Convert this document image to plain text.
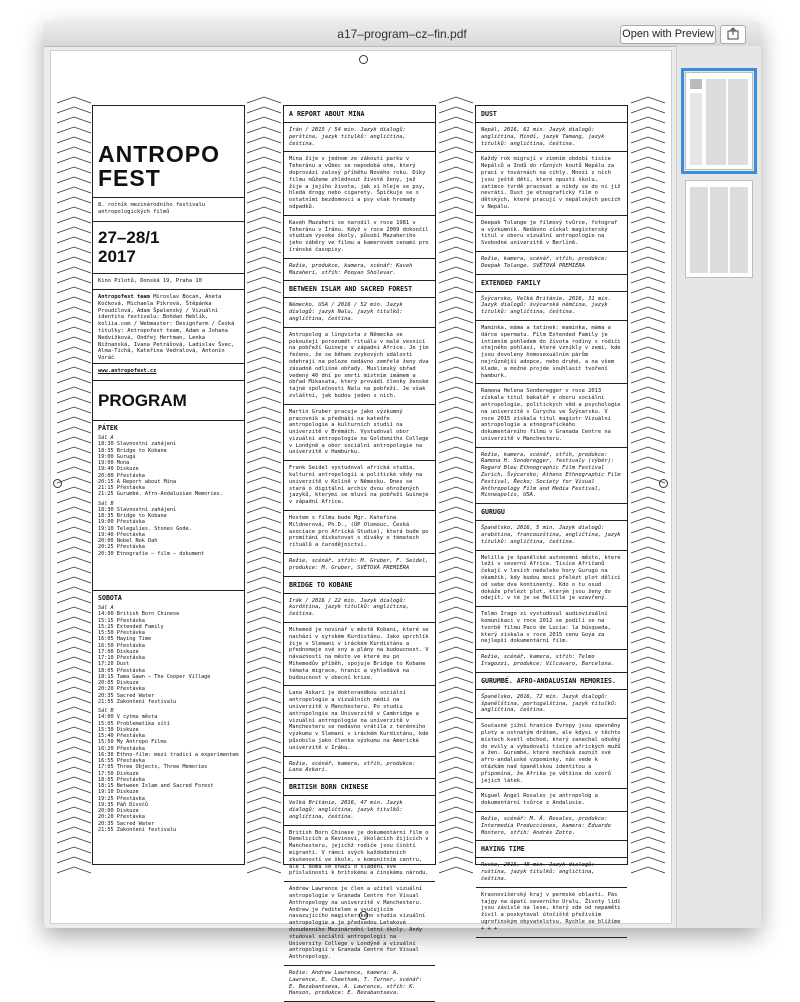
a17–program–cz–fin.pdf	Open with Preview
ANTROPO
FEST
8. ročník mezinárodního festivalu
antropologických filmů
27–28/1
2017
Kino Pilotů, Donská 19, Praha 10
Antropofest team Miroslav Bocan, Aneta Kočková, Michaela Pikrová, Štěpánka Proudilová, Adam Špalenský / Vizuální identita festivalu: Bohdan Heblík, koliia.com / Webmaster: Designfarm / Česká titulky: Antropofest team, Adam a Johana Nedvížková, Ondřej Hertman, Lenka Nižnanská, Ivana Petrášová, Ladislav Švec, Alma-Tichá, Kateřina Vedralová, Antonín Voráč
www.antropofest.cz
PROGRAM
PÁTEK
Sál A
18:30 Slavnostní zahájení
18:35 Bridge to Kobane
19:00 Gurugú
19:00 Mona
19:40 Diskuze
20:00 Přestávka
20:15 A Report about Mina
21:15 Přestávka
21:25 Gurumbé. Afro-Andalusian Memories.
Sál B
18:30 Slavnostní zahájení
18:35 Bridge to Kobane
19:00 Přestávka
19:10 Telegulies. Stones Gode.
19:40 Přestávka
20:00 Nobel Nok Dah
20:25 Přestávka
20:30 Etnografie – film – dokument
SOBOTA
Sál A
14:00 British Born Chinese
15:15 Přestávka
15:25 Extended Family
15:50 Přestávka
16:05 Haying Time
16:50 Přestávka
17:00 Diskuze
17:10 Přestávka
17:20 Dust
18:05 Přestávka
18:15 Tama Gawn – The Cooper Village
20:05 Diskuze
20:20 Přestávka
20:35 Sacred Water
21:55 Zakončení festivalu
Sál B
14:00 V cytmu města
15:05 Problematika sítí
15:30 Diskuze
15:40 Přestávka
15:50 My Antropo Films
16:20 Přestávka
16:30 Ethno-film: mezi tradicí a experimentem
16:55 Přestávka
17:05 Three Objects, Three Memories
17:50 Diskuze
18:05 Přestávka
18:15 Between Islam and Sacred Forest
19:10 Diskuze
19:25 Přestávka
19:35 Páň Divočů
20:00 Diskuze
20:20 Přestávka
20:35 Sacred Water
21:55 Zakončení festivalu
A REPORT ABOUT MINA
Írán / 2015 / 54 min. Jazyk dialogů: perština, jazyk titulků: angličtina, čeština.
Mina žije v jednom ze zákoutí parku v Teheránu a vůbec se nepodobá ohm, který doprovází zalový příběhu Nového roku. Díky filmu můžeme zhlédnout životě ženy, jež žije a jejího života, jak si hleje se psy, hledá drogy nebo cigarety. Špičkuje se s ostatními bezdomovci a psy však hromady odpadků.
Kaveh Mazaheri se narodil v roce 1981 v Teheránu v Íránu. Když v roce 2009 dokončil studium vysoké školy, působí Mazaheriho jeho záběry ve filmu a kamerovém cenami pro íránské časopisy.
Režie, produkce, kamera, scénář: Kaveh Mazaheri, střih: Pooyan Sholevar.
BETWEEN ISLAM AND SACRED FOREST
Německo, USA / 2016 / 52 min. Jazyk dialogů: jazyk Nalu, jazyk titulků: angličtina, čeština.
Antropolog a lingvista z Německa se pokoušejí porozumět rituálu v malé vesnici na pobřeží Guineje v západní Africe. Je jim řečeno, že se během zvykových událostí odehrají na poloze nedávno zemřelé ženy dva zásadně odlišné obřady. Muslimský obřad vedený 40 dní po smrti místním imámem a obřad Mikasata, který provádí členky ženské tajné společnosti Nalu na pobřeží. Je však zvláštní, jak budou jeden s nich.
Martin Gruber pracuje jako výzkumný pracovník a přednáší na katedře antropologie a kulturních studií na univerzitě v Brémách. Vystudoval obor vizuální antropologie na Goldsmiths College v Londýně a obor sociální antropologie na univerzitě v Hamburku.
Frank Seidel vystudoval africká studia, kulturní antropologii a politické vědy na univerzitě v Kolíně v Německu. Dnes se stará o digitální archiv dvou ohrožených jazyků, kterými se mluví na pobřeží Guineje v západní Africe.
Hostem s filmu bude Mgr. Kateřina Mildnerová, Ph.D., (ÚP Olomouc, Česká asociace pro Africká Studie), která bude po promítání diskutovat s diváky o tématech rituálů a čarodějnictví.
Režie, scénář, střih: M. Gruber, F. Seidel, produkce: M. Gruber, SVĚTOVÁ PREMIÉRA
BRIDGE TO KOBANE
Irák / 2016 / 22 min. Jazyk dialogů: kurdština, jazyk titulků: angličtina, čeština.
Mihemed je novinář v městě Kobani, které se nachází v syrském Kurdistánu. Jako uprchlík žije v Slemani v iráckém Kurdistánu a přednomaje své sny a plány na budoucnost. V návaznosti na město ve které mu po Mihemedův příběh, spojuje Bridge to Kobane témata migrace, hranic a vyhledává na budoucnost v obecní krize.
Lana Askari je doktorandkou sociální antropologie a vizuálních médií na univerzitě v Manchesteru. Po studiu antropologie na Univerzitě v Cambridge a vizuální antropologie na univerzitě v Manchesteru se nedávno vrátila z terénního výzkumu v Slemani v iráckém Kurdistánu, kde působila jako členka výzkumu na Americké univerzitě v Iráku.
Režie, scénář, kamera, střih, produkce: Lana Askari.
BRITISH BORN CHINESE
Velká Británie, 2016, 47 min. Jazyk dialogů: angličtina, jazyk titulků: angličtina, čeština.
British Born Chinese je dokumentární film o Demolicích a Kevinovi, školácích žijících v Manchesteru, jejichž rodiče jsou čínští migranti. V rámci svých každodenních zkušeností ve škole, v komunitním centru, ale i doma se snaží o sladění své příslušnosti k britskému a čínskému národu.
Andrew Lawrence je člen a učitel vizuální antropologie v Granada Centre for Visual Anthropology na univerzitě v Manchesteru. Andrew je ředitelem a vyučujícím navazujícího magisterského studia vizuální antropologie a je předsedou Letakové dvoudenního Mezinárodní letní školy. Andy studoval sociální antropologii na University College v Londýně a vizuální antropologii v Granada Centre for Visual Anthropology.
Režie: Andrew Lawrence, kamera: A. Lawrence, B. Cheetham, T. Turner, scénář: E. Bezabantseva, A. Lawrence, střih: K. Hanson, produkce: E. Bezabantseva.
DUST
Nepál, 2016, 61 min. Jazyk dialogů: angličtina, Hindí, jazyk Tamang, jazyk titulků: angličtina, čeština.
Každý rok migrují v zimním období tisíce Nepálců a Indů do různých koutů Nepálu za prací v továrnách na cihly. Mnozí z nich jsou ještě děti, které opustí školu, zatímco tvrdě pracovat a nikdy se do ní již nevrátí. Dust je etnografický film o dětských, které pracují v nepálských pecích v Nepálu.
Deepak Tolange je filmový tvůrce, fotograf a výzkumník. Nedávno získal magisterský titul v oboru vizuální antropologie na Svobodné univerzitě v Berlíně.
Režie, kamera, scénář, střih, produkce: Deepak Tolange. SVĚTOVÁ PREMIÉRA
EXTENDED FAMILY
Švýcarsko, Velká Británie, 2016, 31 min. Jazyk dialogů: švýcarská němčina, jazyk titulků: angličtina, čeština.
Maminka, máma a tatínek: maminka, máma a dárce spermatu. Film Extended Family je intimním pohledem do života rodiny s rodiči stejného pohlaví, které vznikly v zemi, kde jsou dovoleny homosexuálním párům nejrůznější adopce, nebo druhé, a na všem klade, a možné projde souhlasit tvoření hamburk.
Ramona Helena Sonderegger v roce 2013 získala titul bakalář v oboru sociální antropologie, politických věd a psychologie na univerzitě v Curychu ve Švýcarsku. V roce 2015 získala titul magistr Vizuální antropologie a etnografického dokumentárního filmu v Granada Centre na univerzitě v Manchesteru.
Režie, kamera, scénář, střih, produkce: Ramona H. Sonderegger, festivaly (výběr): Regard Bleu Ethnographic Film Festival Zurich, Švýcarsko; Athens Ethnographic Film Festival, Řecko; Society for Visual Anthropology Film and Media Festival, Minneapolis, USA.
GURUGU
Španělsko, 2016, 5 min. Jazyk dialogů: arabština, francouzština, angličtina, jazyk titulků: angličtina, čeština.
Melilla je španělské autonomní město, které leží v severní Africe. Tisíce Afričanů čekají v lesích nedaleko hory Gurugú na okamžik, kdy budou moci přelézt plot dělící od sebe dva kontinenty. Kdo o tu osud dokáže přelézt plot, kterým jsou ženy do odejít, v té je se Melille je uzavřený.
Telmo Irago zi vystudoval audiovizuální komunikaci v roce 2012 se podílí se na tvorbě filmu Paco de Lucía: la búsqueda, který získala v roce 2015 cenu Goya za nejlepší dokumentární film.
Režie, scénář, kamera, střih: Telmo Iragozzi, produkce: Vilcavaro, Barcelona.
GURUMBÉ. AFRO-ANDALUSIAN MEMORIES.
Španělsko, 2016, 72 min. Jazyk dialogů: španělština, portugalština, jazyk titulků: angličtina, čeština.
Současné jižní hranice Evropy jsou opevněny ploty a ostnatým drátem, ale kdysi v těchto místech kvetl obchod, který zanechal odvěký do evily a vybudovali tisíce afrických mužů a žen. Gurumbé, které nechává zaznít své afro-andaluské vzpomínky, nás vede k otázkám nad španělskou identitou a připomíná, že Afrika je většina do vzorů jejich látek.
Miguel Ángel Rosales je antropolog a dokumentární tvůrce z Andalusie.
Režie, scénář: M. Á. Rosales, produkce: Intermedia Producciones, kamera: Eduardo Montero, střih: Andrés Zotto.
HAYING TIME
Rusko, 2015, 48 min. Jazyk dialogů: ruština, jazyk titulků: angličtina, čeština.
Krasnovišerský kraj v permské oblasti. Pás tajgy na úpatí severního Uralu. Životy lidí jsou závislé na lese, který zde od nepaměti živil a poskytoval útočiště přeživším ugrofinským obyvatelstvu. Rychle se blížíme + + +
